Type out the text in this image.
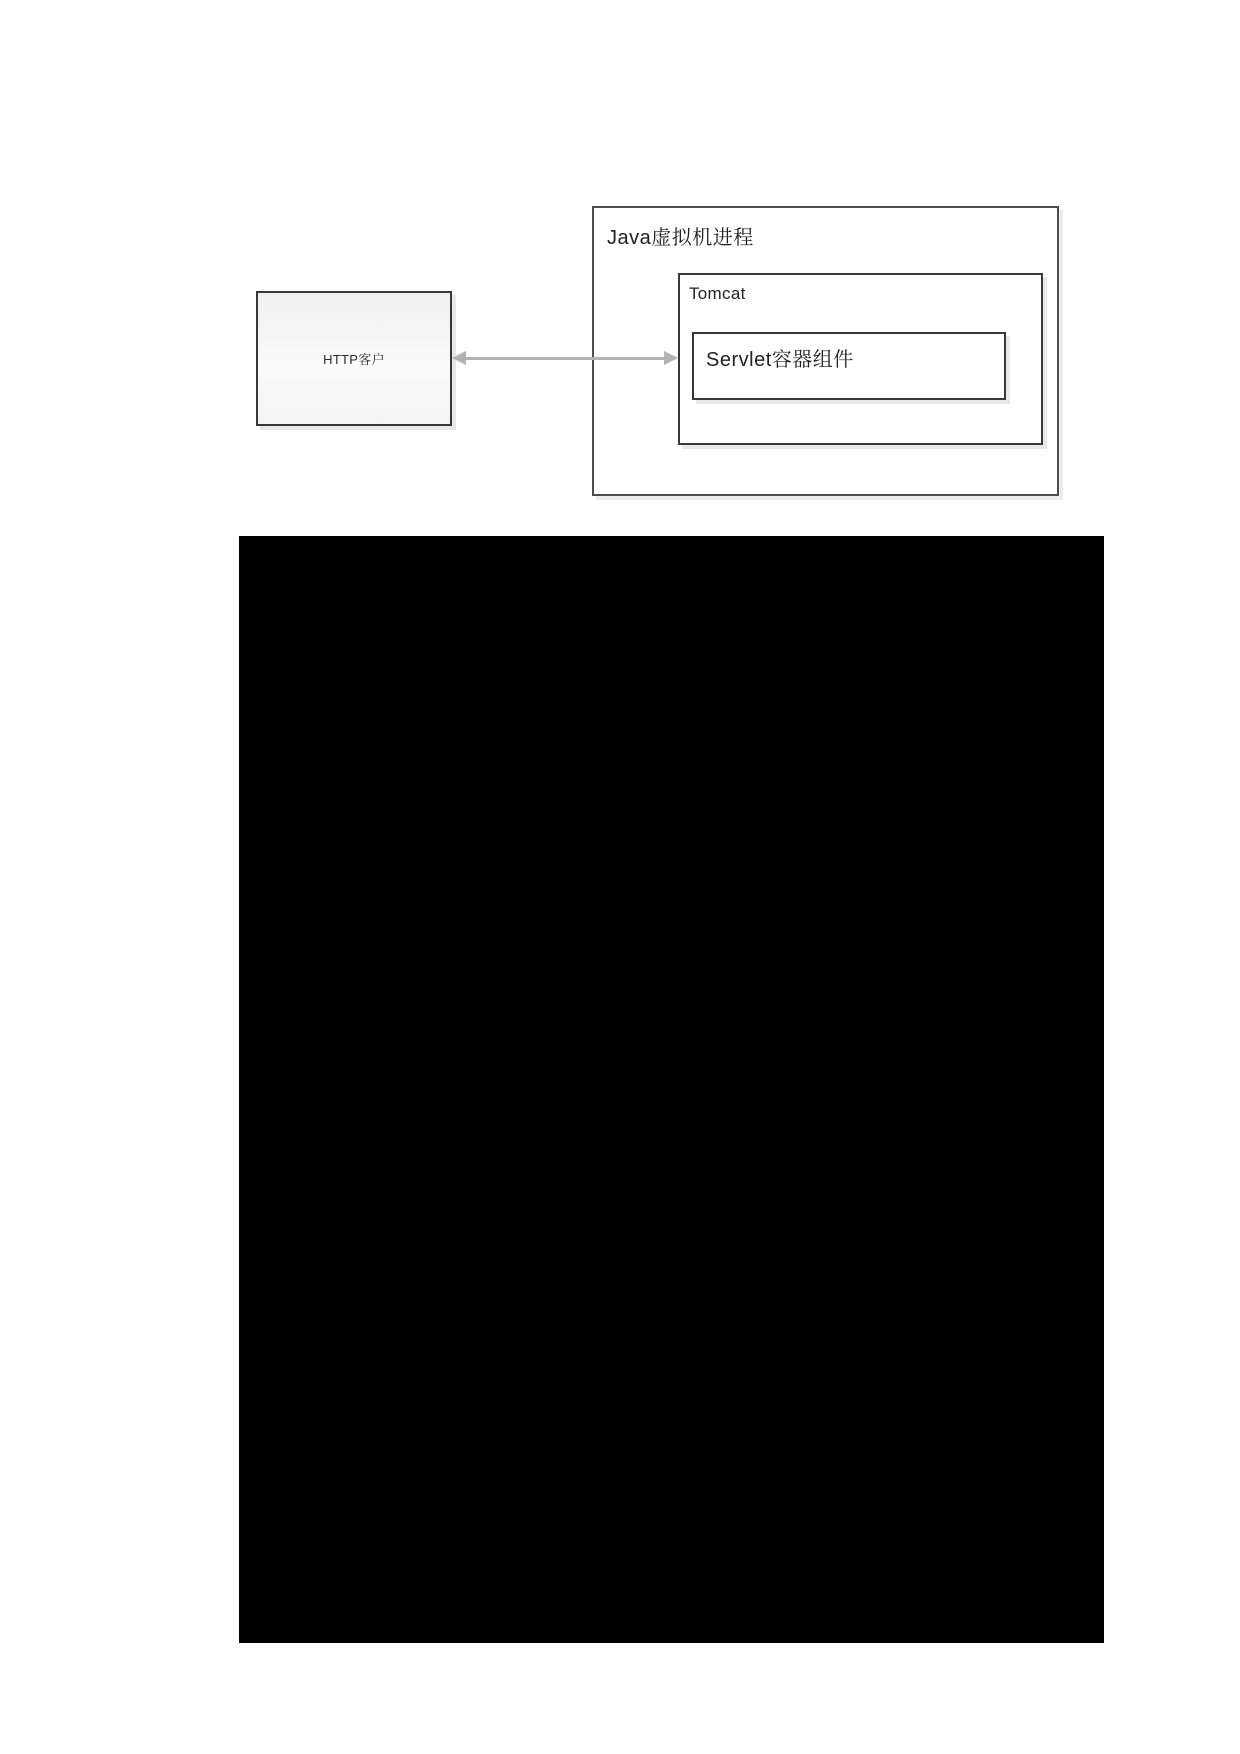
Java虚拟机进程
Tomcat
Servlet容器组件
HTTP客户
